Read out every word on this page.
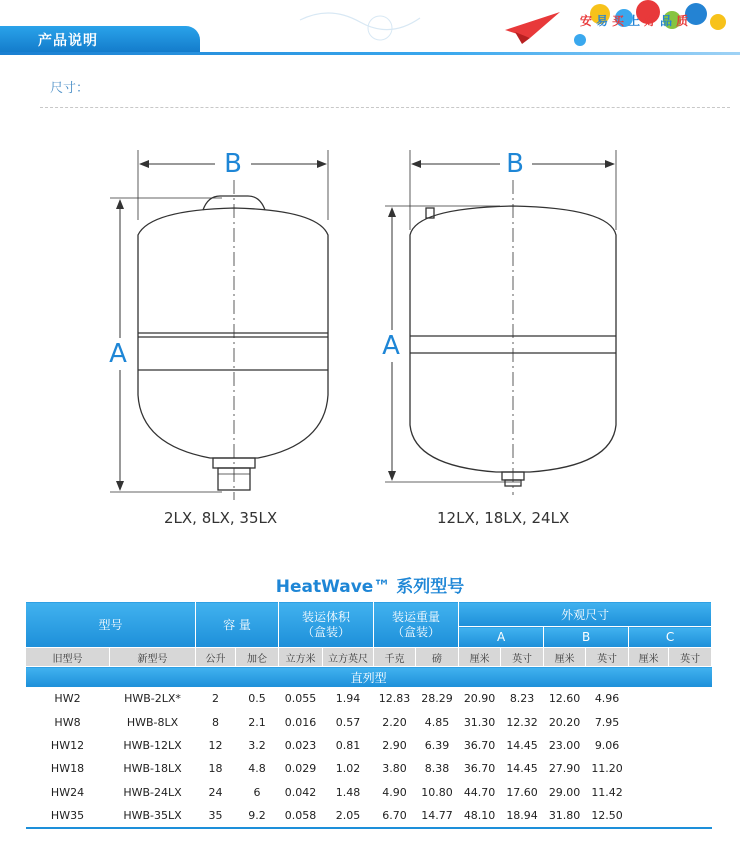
产品说明
安 易 买 上 好 品 质
尺寸：
B
A
B
A
2LX, 8LX, 35LX	12LX, 18LX, 24LX
HeatWave™ 系列型号
型号		容 量		装运体积
（盒装）		装运重量
（盒装）		外观尺寸					
								A		B		C	
旧型号	新型号	公升	加仑	立方米	立方英尺	千克	磅	厘米	英寸	厘米	英寸	厘米	英寸
直列型													
HW2	HWB-2LX*	2	0.5	0.055	1.94	12.83	28.29	20.90	8.23	12.60	4.96		
HW8	HWB-8LX	8	2.1	0.016	0.57	2.20	4.85	31.30	12.32	20.20	7.95		
HW12	HWB-12LX	12	3.2	0.023	0.81	2.90	6.39	36.70	14.45	23.00	9.06		
HW18	HWB-18LX	18	4.8	0.029	1.02	3.80	8.38	36.70	14.45	27.90	11.20		
HW24	HWB-24LX	24	6	0.042	1.48	4.90	10.80	44.70	17.60	29.00	11.42		
HW35	HWB-35LX	35	9.2	0.058	2.05	6.70	14.77	48.10	18.94	31.80	12.50		
